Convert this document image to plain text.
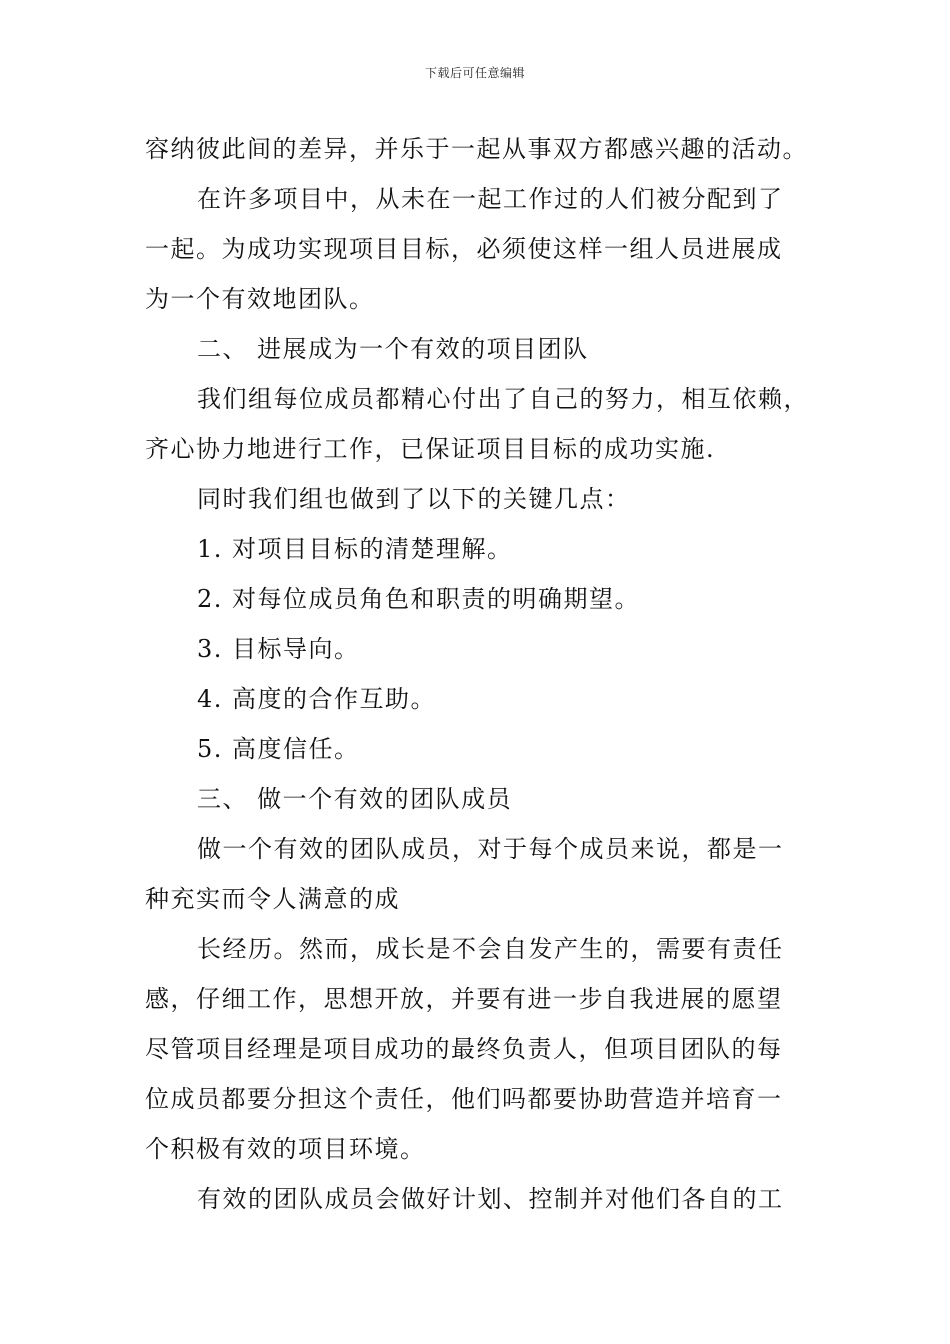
下载后可任意编辑
容纳彼此间的差异，并乐于一起从事双方都感兴趣的活动。
在许多项目中，从未在一起工作过的人们被分配到了
一起。为成功实现项目目标，必须使这样一组人员进展成
为一个有效地团队。
二、 进展成为一个有效的项目团队
我们组每位成员都精心付出了自己的努力，相互依赖，
齐心协力地进行工作，已保证项目目标的成功实施.
同时我们组也做到了以下的关键几点：
1. 对项目目标的清楚理解。
2. 对每位成员角色和职责的明确期望。
3. 目标导向。
4. 高度的合作互助。
5. 高度信任。
三、 做一个有效的团队成员
做一个有效的团队成员，对于每个成员来说，都是一
种充实而令人满意的成
长经历。然而，成长是不会自发产生的，需要有责任
感，仔细工作，思想开放，并要有进一步自我进展的愿望
尽管项目经理是项目成功的最终负责人，但项目团队的每
位成员都要分担这个责任，他们吗都要协助营造并培育一
个积极有效的项目环境。
有效的团队成员会做好计划、控制并对他们各自的工
